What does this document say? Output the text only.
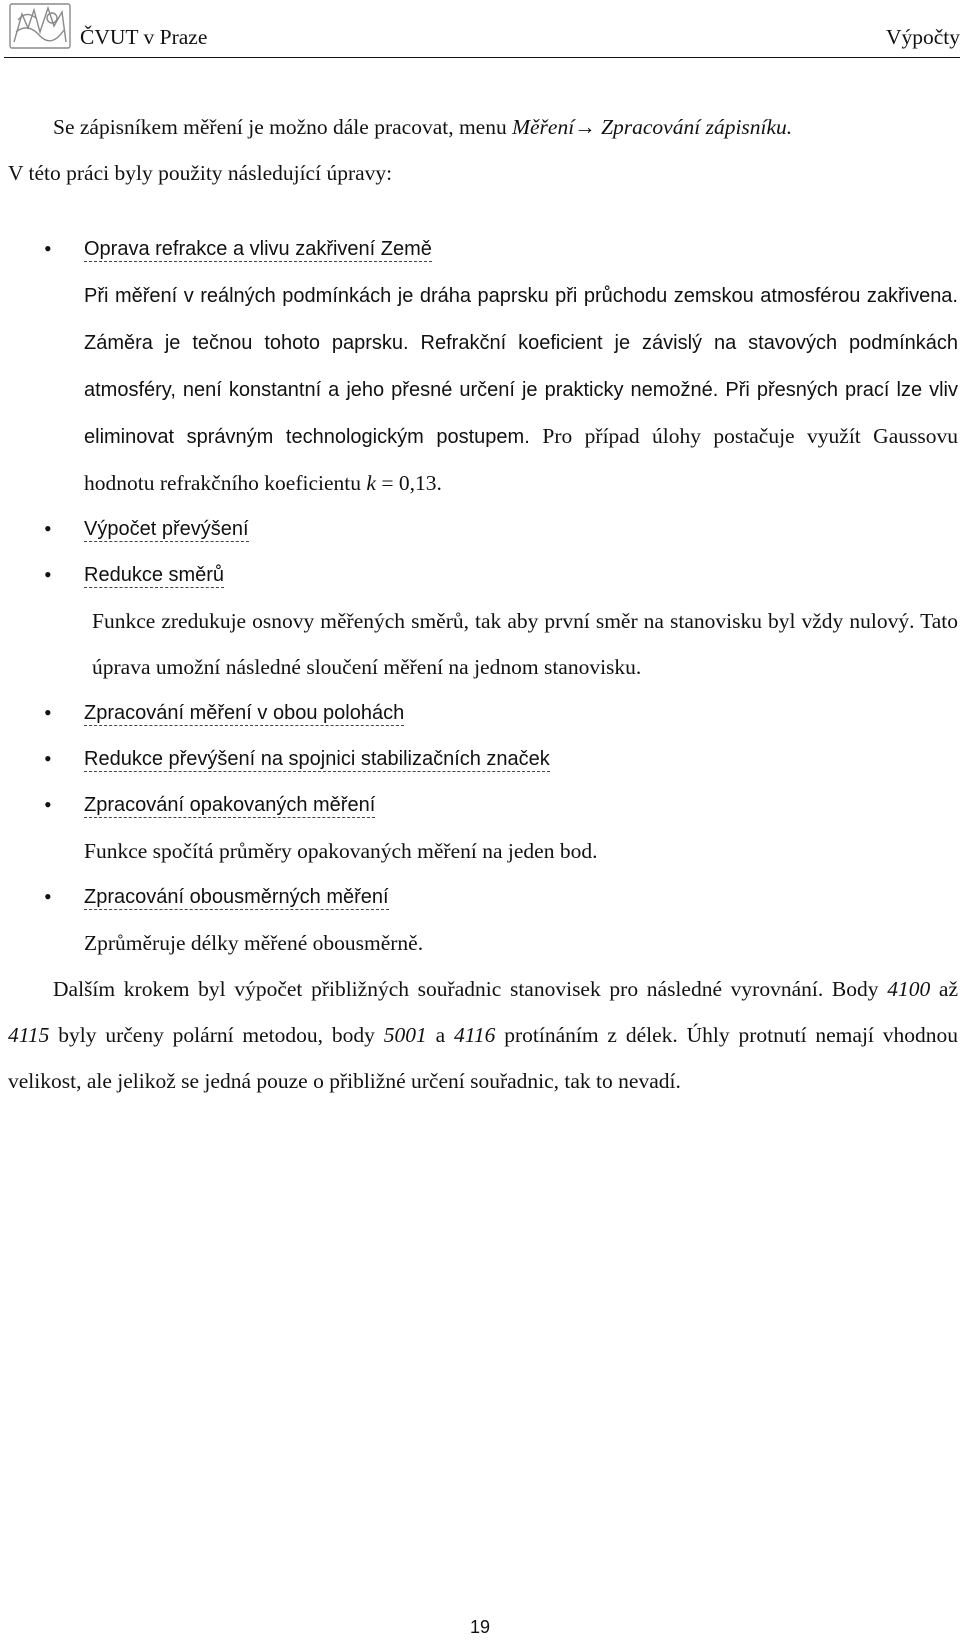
ČVUT v Praze	Výpočty

Se zápisníkem měření je možno dále pracovat, menu Měření→ Zpracování zápisníku.

V této práci byly použity následující úpravy:

• Oprava refrakce a vlivu zakřivení Země

Při měření v reálných podmínkách je dráha paprsku při průchodu zemskou atmosférou zakřivena. Záměra je tečnou tohoto paprsku. Refrakční koeficient je závislý na stavových podmínkách atmosféry, není konstantní a jeho přesné určení je prakticky nemožné. Při přesných prací lze vliv eliminovat správným technologickým postupem. Pro případ úlohy postačuje využít Gaussovu hodnotu refrakčního koeficientu k = 0,13.

• Výpočet převýšení
• Redukce směrů

Funkce zredukuje osnovy měřených směrů, tak aby první směr na stanovisku byl vždy nulový. Tato úprava umožní následné sloučení měření na jednom stanovisku.

• Zpracování měření v obou polohách
• Redukce převýšení na spojnici stabilizačních značek
• Zpracování opakovaných měření

Funkce spočítá průměry opakovaných měření na jeden bod.

• Zpracování obousměrných měření

Zprůměruje délky měřené obousměrně.

Dalším krokem byl výpočet přibližných souřadnic stanovisek pro následné vyrovnání. Body 4100 až 4115 byly určeny polární metodou, body 5001 a 4116 protínáním z délek. Úhly protnutí nemají vhodnou velikost, ale jelikož se jedná pouze o přibližné určení souřadnic, tak to nevadí.

19
